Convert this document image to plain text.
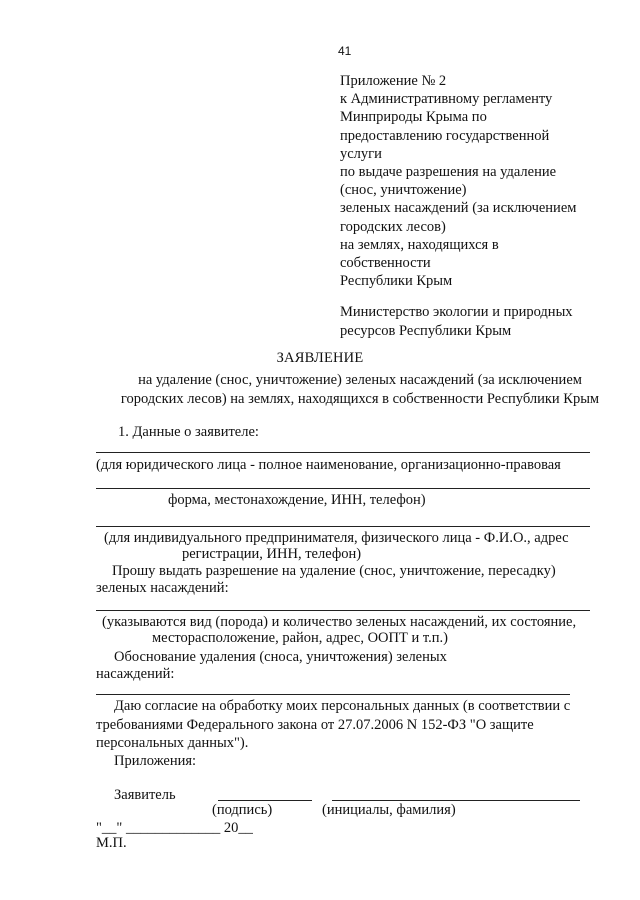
41
Приложение № 2
к Административному регламенту
Минприроды Крыма по
предоставлению государственной
услуги
по выдаче разрешения на удаление
(снос, уничтожение)
зеленых насаждений (за исключением
городских лесов)
на землях, находящихся в
собственности
Республики Крым
Министерство экологии и природных
ресурсов Республики Крым
ЗАЯВЛЕНИЕ
на удаление (снос, уничтожение) зеленых насаждений (за исключением
городских лесов) на землях, находящихся в собственности Республики Крым
1. Данные о заявителе:
(для юридического лица - полное наименование, организационно-правовая
форма, местонахождение, ИНН, телефон)
(для индивидуального предпринимателя, физического лица - Ф.И.О., адрес
регистрации, ИНН, телефон)
Прошу выдать разрешение на удаление (снос, уничтожение, пересадку)
зеленых насаждений:
(указываются вид (порода) и количество зеленых насаждений, их состояние,
месторасположение, район, адрес, ООПТ и т.п.)
Обоснование удаления (сноса, уничтожения) зеленых
насаждений:
Даю согласие на обработку моих персональных данных (в соответствии с
требованиями Федерального закона от 27.07.2006 N 152-ФЗ "О защите
персональных данных").
Приложения:
Заявитель
(подпись)	(инициалы, фамилия)
"__" _____________ 20__
М.П.
